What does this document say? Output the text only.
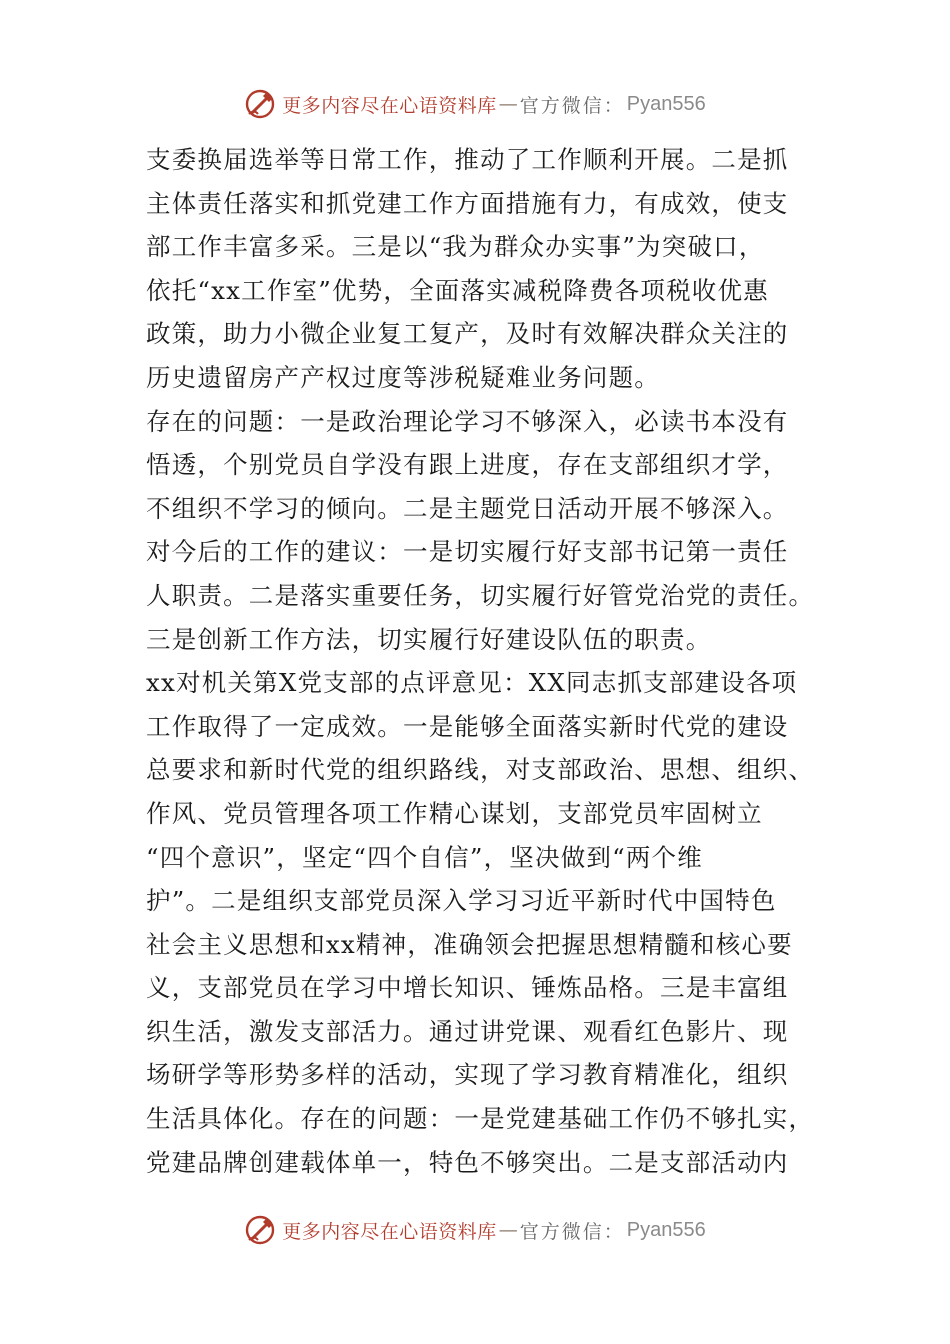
更多内容尽在心语资料库 — 官方微信： Pyan556
支委换届选举等日常工作，推动了工作顺利开展。二是抓
主体责任落实和抓党建工作方面措施有力，有成效，使支
部工作丰富多采。三是以“我为群众办实事”为突破口，
依托“xx工作室”优势，全面落实减税降费各项税收优惠
政策，助力小微企业复工复产，及时有效解决群众关注的
历史遗留房产产权过度等涉税疑难业务问题。
存在的问题：一是政治理论学习不够深入，必读书本没有
悟透，个别党员自学没有跟上进度，存在支部组织才学，
不组织不学习的倾向。二是主题党日活动开展不够深入。
对今后的工作的建议：一是切实履行好支部书记第一责任
人职责。二是落实重要任务，切实履行好管党治党的责任。
三是创新工作方法，切实履行好建设队伍的职责。
xx对机关第X党支部的点评意见：XX同志抓支部建设各项
工作取得了一定成效。一是能够全面落实新时代党的建设
总要求和新时代党的组织路线，对支部政治、思想、组织、
作风、党员管理各项工作精心谋划，支部党员牢固树立
“四个意识”，坚定“四个自信”，坚决做到“两个维
护”。二是组织支部党员深入学习习近平新时代中国特色
社会主义思想和xx精神，准确领会把握思想精髓和核心要
义，支部党员在学习中增长知识、锤炼品格。三是丰富组
织生活，激发支部活力。通过讲党课、观看红色影片、现
场研学等形势多样的活动，实现了学习教育精准化，组织
生活具体化。存在的问题：一是党建基础工作仍不够扎实，
党建品牌创建载体单一，特色不够突出。二是支部活动内
更多内容尽在心语资料库 — 官方微信： Pyan556
